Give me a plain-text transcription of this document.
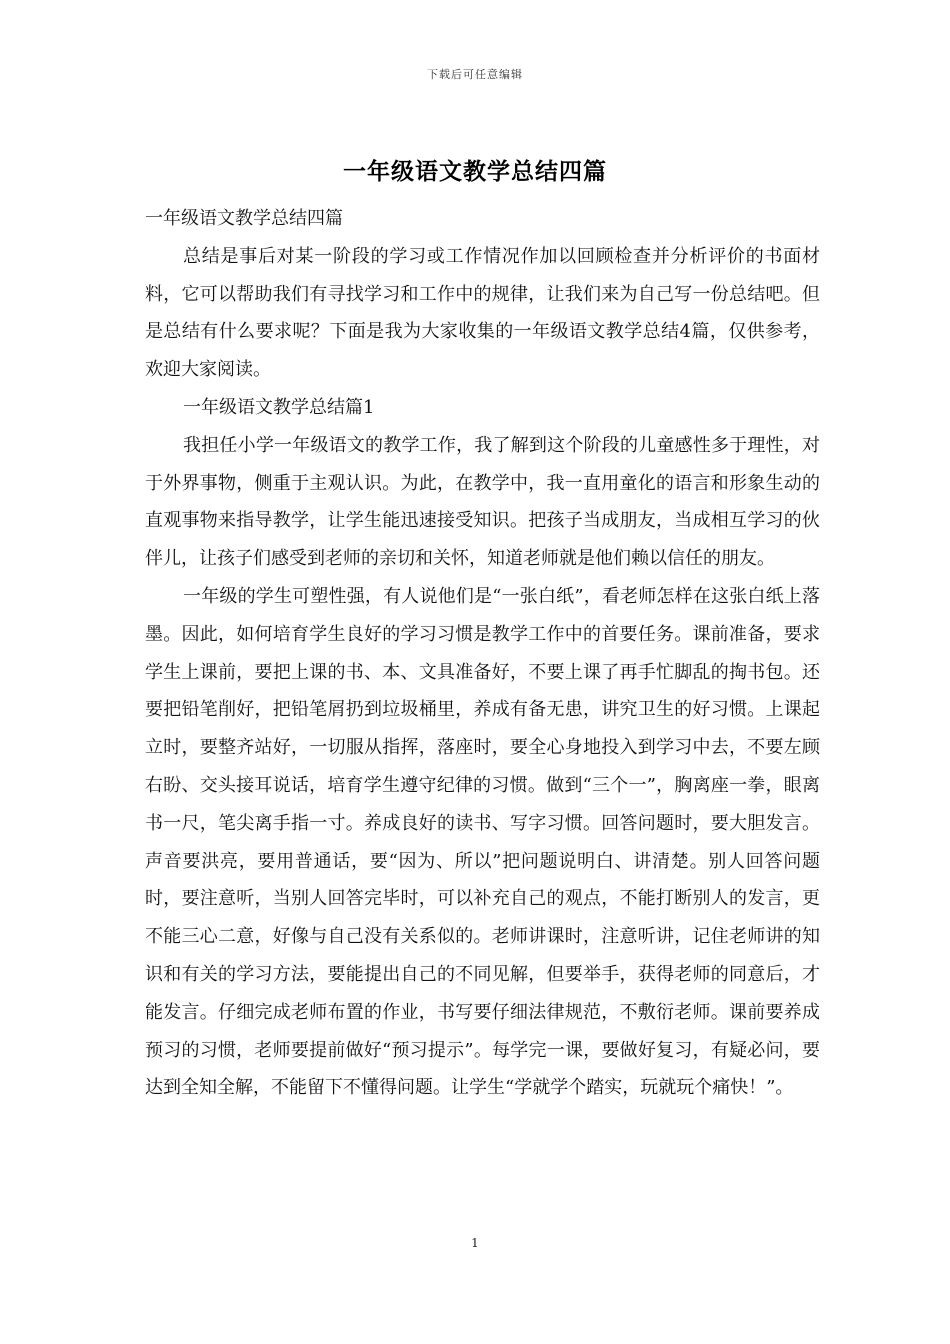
下载后可任意编辑
一年级语文教学总结四篇

一年级语文教学总结四篇

总结是事后对某一阶段的学习或工作情况作加以回顾检查并分析评价的书面材料，它可以帮助我们有寻找学习和工作中的规律，让我们来为自己写一份总结吧。但是总结有什么要求呢？下面是我为大家收集的一年级语文教学总结4篇，仅供参考，欢迎大家阅读。

一年级语文教学总结篇1

我担任小学一年级语文的教学工作，我了解到这个阶段的儿童感性多于理性，对于外界事物，侧重于主观认识。为此，在教学中，我一直用童化的语言和形象生动的直观事物来指导教学，让学生能迅速接受知识。把孩子当成朋友，当成相互学习的伙伴儿，让孩子们感受到老师的亲切和关怀，知道老师就是他们赖以信任的朋友。

一年级的学生可塑性强，有人说他们是“一张白纸”，看老师怎样在这张白纸上落墨。因此，如何培育学生良好的学习习惯是教学工作中的首要任务。课前准备，要求学生上课前，要把上课的书、本、文具准备好，不要上课了再手忙脚乱的掏书包。还要把铅笔削好，把铅笔屑扔到垃圾桶里，养成有备无患，讲究卫生的好习惯。上课起立时，要整齐站好，一切服从指挥，落座时，要全心身地投入到学习中去，不要左顾右盼、交头接耳说话，培育学生遵守纪律的习惯。做到“三个一”，胸离座一拳，眼离书一尺，笔尖离手指一寸。养成良好的读书、写字习惯。回答问题时，要大胆发言。声音要洪亮，要用普通话，要“因为、所以”把问题说明白、讲清楚。别人回答问题时，要注意听，当别人回答完毕时，可以补充自己的观点，不能打断别人的发言，更不能三心二意，好像与自己没有关系似的。老师讲课时，注意听讲，记住老师讲的知识和有关的学习方法，要能提出自己的不同见解，但要举手，获得老师的同意后，才能发言。仔细完成老师布置的作业，书写要仔细法律规范，不敷衍老师。课前要养成预习的习惯，老师要提前做好“预习提示”。每学完一课，要做好复习，有疑必问，要达到全知全解，不能留下不懂得问题。让学生“学就学个踏实，玩就玩个痛快！”。

1
